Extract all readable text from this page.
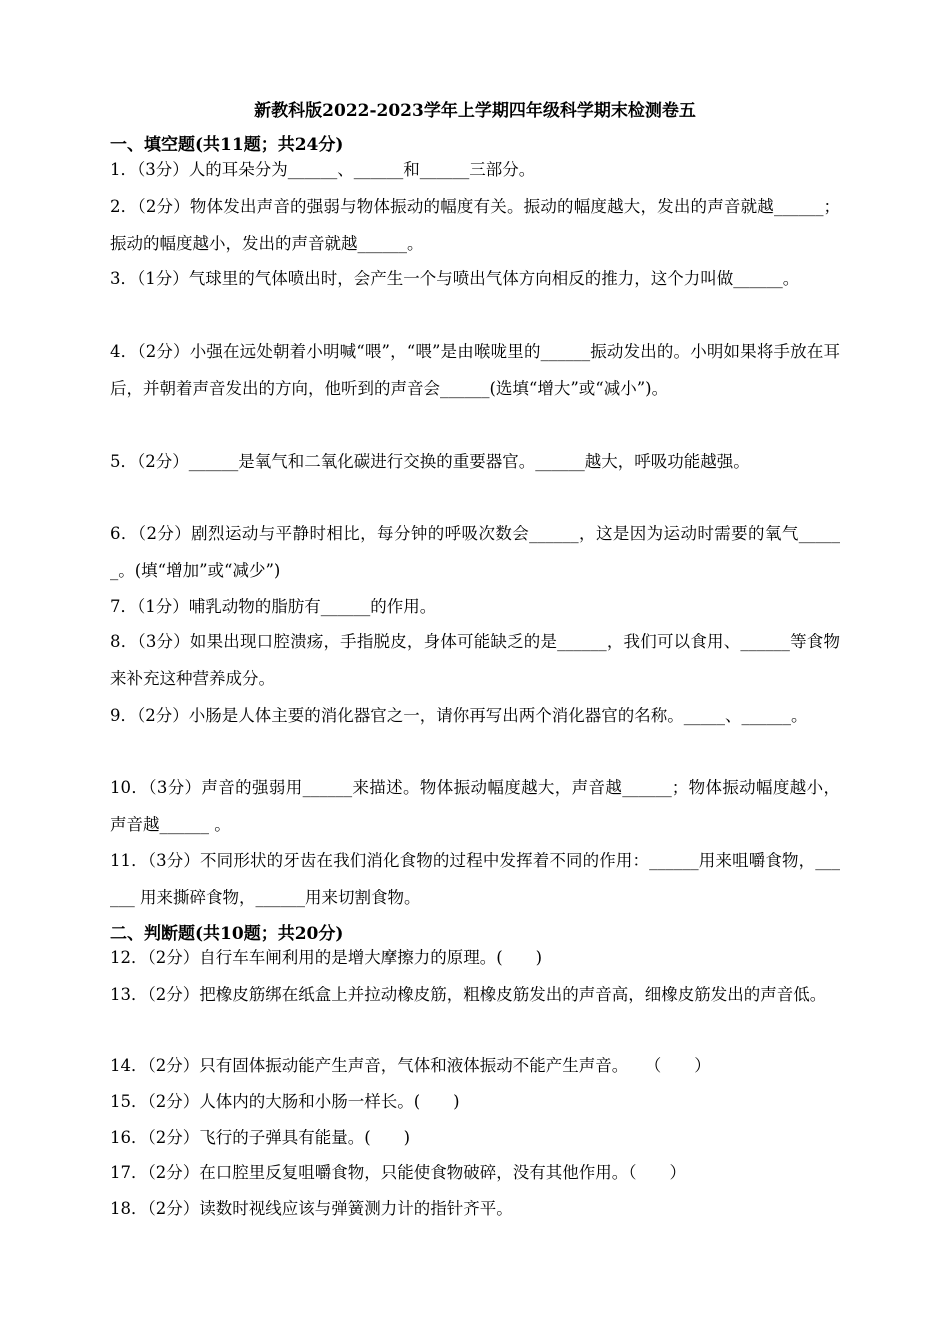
新教科版2022-2023学年上学期四年级科学期末检测卷五
一、填空题(共11题；共24分)
1．（3分）人的耳朵分为______、______和______三部分。
2．（2分）物体发出声音的强弱与物体振动的幅度有关。振动的幅度越大，发出的声音就越______；振动的幅度越小，发出的声音就越______。
3．（1分）气球里的气体喷出时，会产生一个与喷出气体方向相反的推力，这个力叫做______。
4．（2分）小强在远处朝着小明喊“喂”，“喂”是由喉咙里的______振动发出的。小明如果将手放在耳后，并朝着声音发出的方向，他听到的声音会______(选填“增大”或“减小”)。
5．（2分）______是氧气和二氧化碳进行交换的重要器官。______越大，呼吸功能越强。
6．（2分）剧烈运动与平静时相比，每分钟的呼吸次数会______，这是因为运动时需要的氧气______。(填“增加”或“减少”)
7．（1分）哺乳动物的脂肪有______的作用。
8．（3分）如果出现口腔溃疡，手指脱皮，身体可能缺乏的是______，我们可以食用、______等食物来补充这种营养成分。
9．（2分）小肠是人体主要的消化器官之一，请你再写出两个消化器官的名称。_____、______。
10．（3分）声音的强弱用______来描述。物体振动幅度越大，声音越______；物体振动幅度越小，声音越______ 。
11．（3分）不同形状的牙齿在我们消化食物的过程中发挥着不同的作用：______用来咀嚼食物，______ 用来撕碎食物，______用来切割食物。
二、判断题(共10题；共20分)
12．（2分）自行车车闸利用的是增大摩擦力的原理。(　　)
13．（2分）把橡皮筋绑在纸盒上并拉动橡皮筋，粗橡皮筋发出的声音高，细橡皮筋发出的声音低。
14．（2分）只有固体振动能产生声音，气体和液体振动不能产生声音。　　（　　）
15．（2分）人体内的大肠和小肠一样长。(　　)
16．（2分）飞行的子弹具有能量。(　　)
17．（2分）在口腔里反复咀嚼食物，只能使食物破碎，没有其他作用。（　　）
18．（2分）读数时视线应该与弹簧测力计的指针齐平。
